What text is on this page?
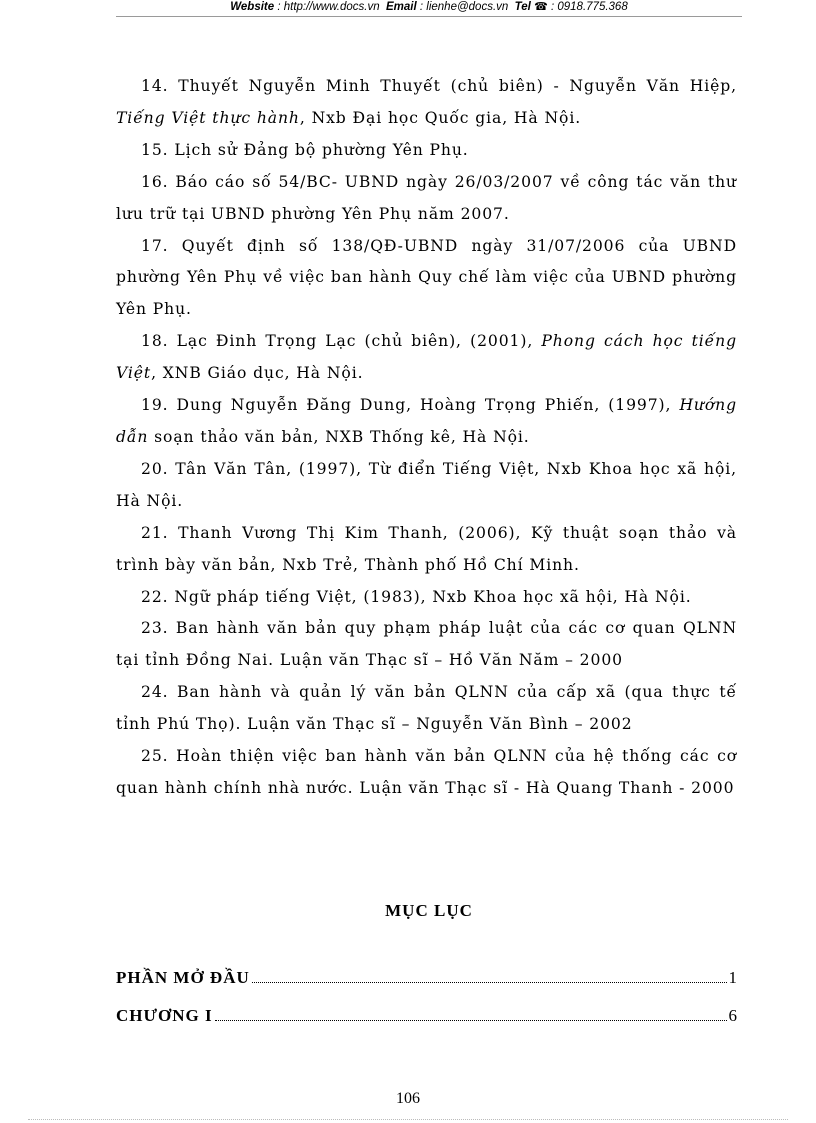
Website : http://www.docs.vn Email : lienhe@docs.vn Tel ☎ : 0918.775.368

14. Thuyết Nguyễn Minh Thuyết (chủ biên) - Nguyễn Văn Hiệp, Tiếng Việt thực hành, Nxb Đại học Quốc gia, Hà Nội.

15. Lịch sử Đảng bộ phường Yên Phụ.

16. Báo cáo số 54/BC- UBND ngày 26/03/2007 về công tác văn thư lưu trữ tại UBND phường Yên Phụ năm 2007.

17. Quyết định số 138/QĐ-UBND ngày 31/07/2006 của UBND phường Yên Phụ về việc ban hành Quy chế làm việc của UBND phường Yên Phụ.

18. Lạc Đinh Trọng Lạc (chủ biên), (2001), Phong cách học tiếng Việt, XNB Giáo dục, Hà Nội.

19. Dung Nguyễn Đăng Dung, Hoàng Trọng Phiến, (1997), Hướng dẫn soạn thảo văn bản, NXB Thống kê, Hà Nội.

20. Tân Văn Tân, (1997), Từ điển Tiếng Việt, Nxb Khoa học xã hội, Hà Nội.

21. Thanh Vương Thị Kim Thanh, (2006), Kỹ thuật soạn thảo và trình bày văn bản, Nxb Trẻ, Thành phố Hồ Chí Minh.

22. Ngữ pháp tiếng Việt, (1983), Nxb Khoa học xã hội, Hà Nội.

23. Ban hành văn bản quy phạm pháp luật của các cơ quan QLNN tại tỉnh Đồng Nai. Luận văn Thạc sĩ – Hồ Văn Năm – 2000

24. Ban hành và quản lý văn bản QLNN của cấp xã (qua thực tế tỉnh Phú Thọ). Luận văn Thạc sĩ – Nguyễn Văn Bình – 2002

25. Hoàn thiện việc ban hành văn bản QLNN của hệ thống các cơ quan hành chính nhà nước. Luận văn Thạc sĩ - Hà Quang Thanh - 2000

MỤC LỤC
PHẦN MỞ ĐẦU	1
CHƯƠNG I	6
106
